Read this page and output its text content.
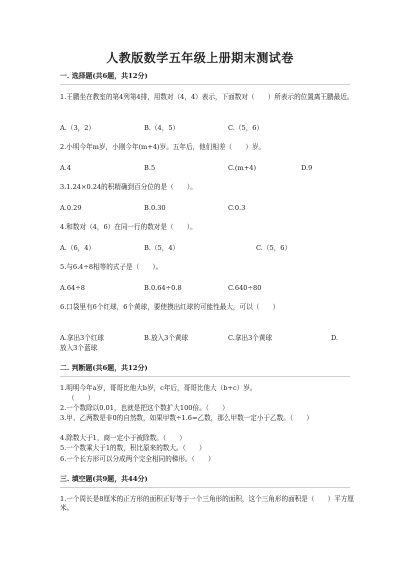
人教版数学五年级上册期末测试卷
一. 选择题(共6题，共12分)
1.王鹏坐在教室的第4列第4排，用数对（4，4）表示，下面数对（　　）所表示的位置离王鹏最近。
A.（3，2）	B.（4，5）	C.（5，6）
2.小明今年m岁，小刚今年(m+4)岁。五年后，他们相差（　　）岁。
A.4	B.5	C.(m+4)	D.9
3.1.24×0.24的积精确到百分位的是（　　）。
A.0.29	B.0.30	C.0.3
4.和数对（4，6）在同一行的数对是（　　）。
A.（6，4）	B.（5，4）	C.（5，6）
5.与6.4÷8相等的式子是（　　）。
A.64÷8	B.0.64÷0.8	C.640÷80
6.口袋里有6个红球，6个黄球，要使摸出红球的可能性最大，可以（　　）
A.拿出3个红球	B.放入3个黄球	C.拿出3个黄球	D.
放入3个蓝球
二. 判断题(共6题，共12分)
1.明明今年a岁，哥哥比他大b岁，c年后，哥哥比他大（b+c）岁。
（　　）
2.一个数除以0.01，也就是把这个数扩大100倍。（　　）
3.甲、乙两数是非0的自然数，如果甲数÷1.6=乙数，那么甲数一定小于乙数。（　　）
4.除数大于1，商一定小于被除数。（　　）
5.一个数乘大于1的数，积比原来的数大。（　　）
6.一个长方形可以分成两个完全相同的梯形。（　　）
三. 填空题(共9题，共44分)
1.一个周长是8厘米的正方形的面积正好等于一个三角形的面积，这个三角形的面积是（　　）平方厘米。
